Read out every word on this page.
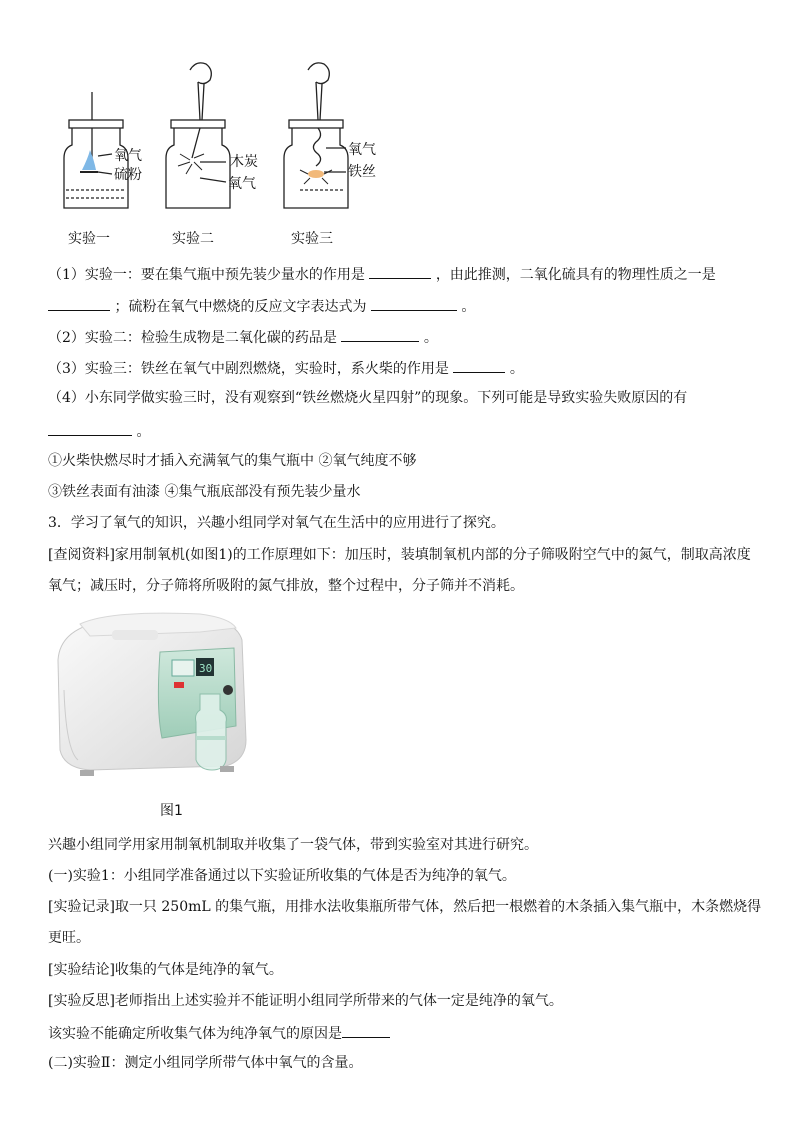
氧气
硫粉
木炭
氧气
氧气
铁丝
实验一	实验二	实验三
（1）实验一：要在集气瓶中预先装少量水的作用是	，由此推测，二氧化硫具有的物理性质之一是
；硫粉在氧气中燃烧的反应文字表达式为	。
（2）实验二：检验生成物是二氧化碳的药品是	。
（3）实验三：铁丝在氧气中剧烈燃烧，实验时，系火柴的作用是	。
（4）小东同学做实验三时，没有观察到“铁丝燃烧火星四射”的现象。下列可能是导致实验失败原因的有
。
①火柴快燃尽时才插入充满氧气的集气瓶中 ②氧气纯度不够
③铁丝表面有油漆 ④集气瓶底部没有预先装少量水
3．学习了氧气的知识，兴趣小组同学对氧气在生活中的应用进行了探究。
[查阅资料]家用制氧机(如图1)的工作原理如下：加压时，装填制氧机内部的分子筛吸附空气中的氮气，制取高浓度
氧气；减压时，分子筛将所吸附的氮气排放，整个过程中，分子筛并不消耗。
30
图1
兴趣小组同学用家用制氧机制取并收集了一袋气体，带到实验室对其进行研究。
(一)实验1：小组同学准备通过以下实验证所收集的气体是否为纯净的氧气。
[实验记录]取一只 250mL 的集气瓶，用排水法收集瓶所带气体，然后把一根燃着的木条插入集气瓶中，木条燃烧得
更旺。
[实验结论]收集的气体是纯净的氧气。
[实验反思]老师指出上述实验并不能证明小组同学所带来的气体一定是纯净的氧气。
该实验不能确定所收集气体为纯净氧气的原因是
(二)实验Ⅱ：测定小组同学所带气体中氧气的含量。
